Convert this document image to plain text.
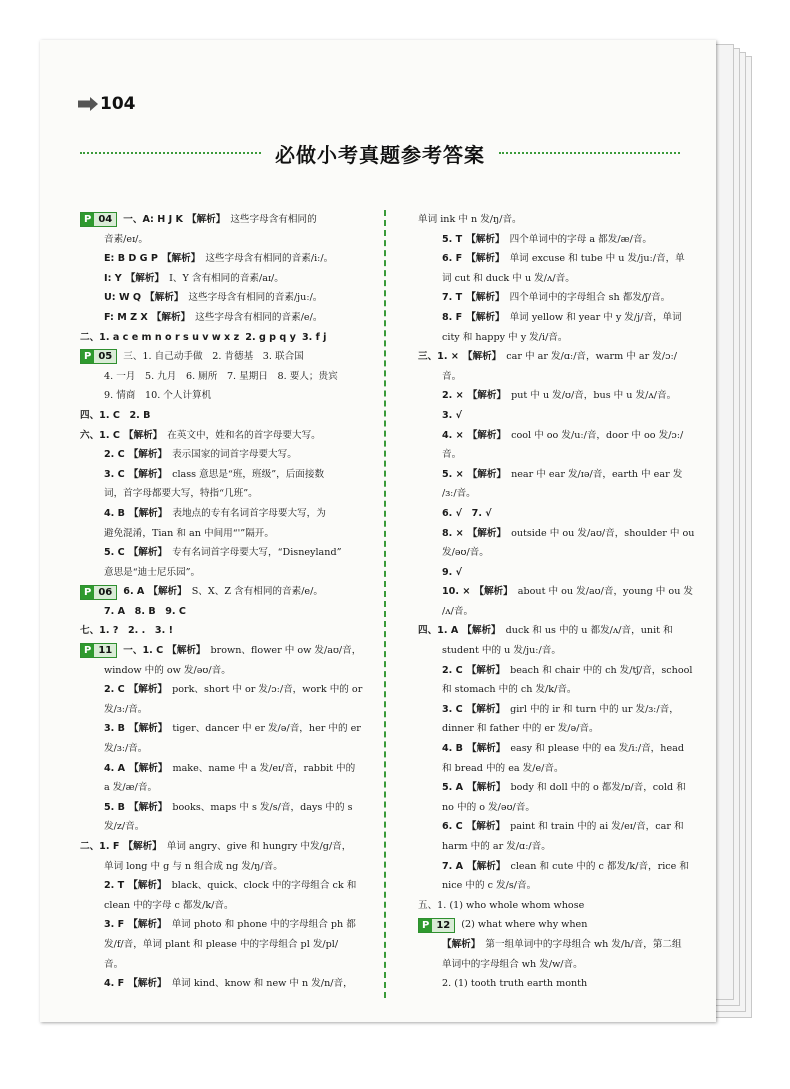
104
必做小考真题参考答案
P 04	一、A: H J K 【解析】 这些字母含有相同的
音素/eɪ/。
E: B D G P 【解析】 这些字母含有相同的音素/iː/。
I: Y 【解析】 I、Y 含有相同的音素/aɪ/。
U: W Q 【解析】 这些字母含有相同的音素/juː/。
F: M Z X 【解析】 这些字母含有相同的音素/e/。
二、1. a c e m n o r s u v w x z
2. g p q y
3. f j
P 05	三、1. 自己动手做　2. 肯德基　3. 联合国
4. 一月　5. 九月　6. 厕所　7. 星期日　8. 要人；贵宾
9. 情商　10. 个人计算机
四、1. C　2. B
六、1. C 【解析】 在英文中，姓和名的首字母要大写。
2. C 【解析】 表示国家的词首字母要大写。
3. C 【解析】 class 意思是“班，班级”，后面接数
词，首字母都要大写，特指“几班”。
4. B 【解析】 表地点的专有名词首字母要大写，为
避免混淆，Tian 和 an 中间用“'”隔开。
5. C 【解析】 专有名词首字母要大写，“Disneyland”
意思是“迪士尼乐园”。
P 06	6. A 【解析】 S、X、Z 含有相同的音素/e/。
7. A　8. B　9. C
七、1. ?　2. .　3. !
P 11	一、1. C 【解析】 brown、flower 中 ow 发/aʊ/音，
window 中的 ow 发/əʊ/音。
2. C 【解析】 pork、short 中 or 发/ɔː/音，work 中的 or
发/ɜː/音。
3. B 【解析】 tiger、dancer 中 er 发/ə/音，her 中的 er
发/ɜː/音。
4. A 【解析】 make、name 中 a 发/eɪ/音，rabbit 中的
a 发/æ/音。
5. B 【解析】 books、maps 中 s 发/s/音，days 中的 s
发/z/音。
二、1. F 【解析】 单词 angry、give 和 hungry 中发/g/音，
单词 long 中 g 与 n 组合成 ng 发/ŋ/音。
2. T 【解析】 black、quick、clock 中的字母组合 ck 和
clean 中的字母 c 都发/k/音。
3. F 【解析】 单词 photo 和 phone 中的字母组合 ph 都
发/f/音，单词 plant 和 please 中的字母组合 pl 发/pl/
音。
4. F 【解析】 单词 kind、know 和 new 中 n 发/n/音，
单词 ink 中 n 发/ŋ/音。
5. T 【解析】 四个单词中的字母 a 都发/æ/音。
6. F 【解析】 单词 excuse 和 tube 中 u 发/juː/音，单
词 cut 和 duck 中 u 发/ʌ/音。
7. T 【解析】 四个单词中的字母组合 sh 都发/ʃ/音。
8. F 【解析】 单词 yellow 和 year 中 y 发/j/音，单词
city 和 happy 中 y 发/i/音。
三、1. × 【解析】 car 中 ar 发/ɑː/音，warm 中 ar 发/ɔː/
音。
2. × 【解析】 put 中 u 发/ʊ/音，bus 中 u 发/ʌ/音。
3. √
4. × 【解析】 cool 中 oo 发/uː/音，door 中 oo 发/ɔː/
音。
5. × 【解析】 near 中 ear 发/ɪə/音，earth 中 ear 发
/ɜː/音。
6. √　7. √
8. × 【解析】 outside 中 ou 发/aʊ/音，shoulder 中 ou
发/əʊ/音。
9. √
10. × 【解析】 about 中 ou 发/aʊ/音，young 中 ou 发
/ʌ/音。
四、1. A 【解析】 duck 和 us 中的 u 都发/ʌ/音，unit 和
student 中的 u 发/juː/音。
2. C 【解析】 beach 和 chair 中的 ch 发/tʃ/音，school
和 stomach 中的 ch 发/k/音。
3. C 【解析】 girl 中的 ir 和 turn 中的 ur 发/ɜː/音，
dinner 和 father 中的 er 发/ə/音。
4. B 【解析】 easy 和 please 中的 ea 发/iː/音，head
和 bread 中的 ea 发/e/音。
5. A 【解析】 body 和 doll 中的 o 都发/ɒ/音，cold 和
no 中的 o 发/əʊ/音。
6. C 【解析】 paint 和 train 中的 ai 发/eɪ/音，car 和
harm 中的 ar 发/ɑː/音。
7. A 【解析】 clean 和 cute 中的 c 都发/k/音，rice 和
nice 中的 c 发/s/音。
五、1. (1) who whole whom whose
P 12	(2) what where why when
【解析】 第一组单词中的字母组合 wh 发/h/音，第二组
单词中的字母组合 wh 发/w/音。
2. (1) tooth truth earth month
